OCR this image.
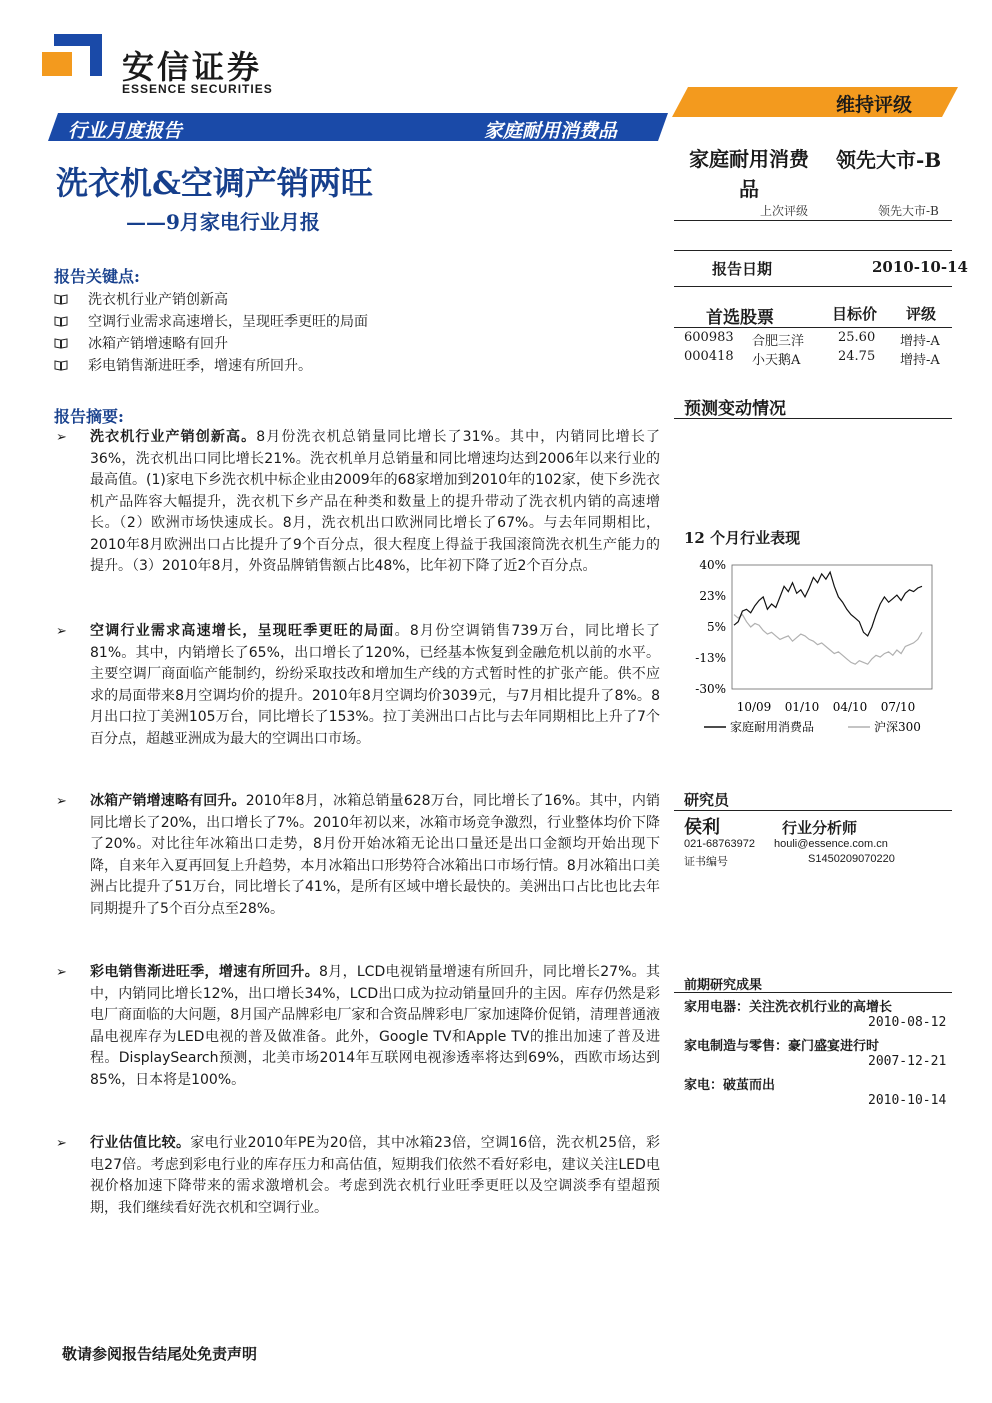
安信证券
ESSENCE SECURITIES
行业月度报告	家庭耐用消费品
维持评级
洗衣机&空调产销两旺
——9月家电行业月报
家庭耐用消费
品
领先大市-B
上次评级	领先大市-B
报告日期	2010-10-14
首选股票	目标价 评级
600983 合肥三洋	25.60 增持-A
000418 小天鹅A	24.75 增持-A
预测变动情况
12 个月行业表现
40%
23%
5%
-13%
-30%
10/09 01/10 04/10 07/10
家庭耐用消费品	沪深300
研究员
侯利	行业分析师
021-68763972 houli@essence.com.cn
证书编号	S1450209070220
前期研究成果
家用电器：关注洗衣机行业的高增长
2010-08-12
家电制造与零售：豪门盛宴进行时
2007-12-21
家电：破茧而出
2010-10-14
报告关键点:
洗衣机行业产销创新高
空调行业需求高速增长，呈现旺季更旺的局面
冰箱产销增速略有回升
彩电销售渐进旺季，增速有所回升。
报告摘要:
➢ 洗衣机行业产销创新高。8月份洗衣机总销量同比增长了31%。其中，内销同比增长了36%，洗衣机出口同比增长21%。洗衣机单月总销量和同比增速均达到2006年以来行业的最高值。(1)家电下乡洗衣机中标企业由2009年的68家增加到2010年的102家，使下乡洗衣机产品阵容大幅提升，洗衣机下乡产品在种类和数量上的提升带动了洗衣机内销的高速增长。（2）欧洲市场快速成长。8月，洗衣机出口欧洲同比增长了67%。与去年同期相比，2010年8月欧洲出口占比提升了9个百分点，很大程度上得益于我国滚筒洗衣机生产能力的提升。（3）2010年8月，外资品牌销售额占比48%，比年初下降了近2个百分点。
➢ 空调行业需求高速增长，呈现旺季更旺的局面。8月份空调销售739万台，同比增长了81%。其中，内销增长了65%，出口增长了120%，已经基本恢复到金融危机以前的水平。主要空调厂商面临产能制约，纷纷采取技改和增加生产线的方式暂时性的扩张产能。供不应求的局面带来8月空调均价的提升。2010年8月空调均价3039元，与7月相比提升了8%。8月出口拉丁美洲105万台，同比增长了153%。拉丁美洲出口占比与去年同期相比上升了7个百分点，超越亚洲成为最大的空调出口市场。
➢ 冰箱产销增速略有回升。2010年8月，冰箱总销量628万台，同比增长了16%。其中，内销同比增长了20%，出口增长了7%。2010年初以来，冰箱市场竞争激烈，行业整体均价下降了20%。对比往年冰箱出口走势，8月份开始冰箱无论出口量还是出口金额均开始出现下降，自来年入夏再回复上升趋势，本月冰箱出口形势符合冰箱出口市场行情。8月冰箱出口美洲占比提升了51万台，同比增长了41%，是所有区域中增长最快的。美洲出口占比也比去年同期提升了5个百分点至28%。
➢ 彩电销售渐进旺季，增速有所回升。8月，LCD电视销量增速有所回升，同比增长27%。其中，内销同比增长12%，出口增长34%，LCD出口成为拉动销量回升的主因。库存仍然是彩电厂商面临的大问题，8月国产品牌彩电厂家和合资品牌彩电厂家加速降价促销，清理普通液晶电视库存为LED电视的普及做准备。此外，Google TV和Apple TV的推出加速了普及进程。DisplaySearch预测，北美市场2014年互联网电视渗透率将达到69%，西欧市场达到85%，日本将是100%。
➢ 行业估值比较。家电行业2010年PE为20倍，其中冰箱23倍，空调16倍，洗衣机25倍，彩电27倍。考虑到彩电行业的库存压力和高估值，短期我们依然不看好彩电，建议关注LED电视价格加速下降带来的需求激增机会。考虑到洗衣机行业旺季更旺以及空调淡季有望超预期，我们继续看好洗衣机和空调行业。
敬请参阅报告结尾处免责声明
